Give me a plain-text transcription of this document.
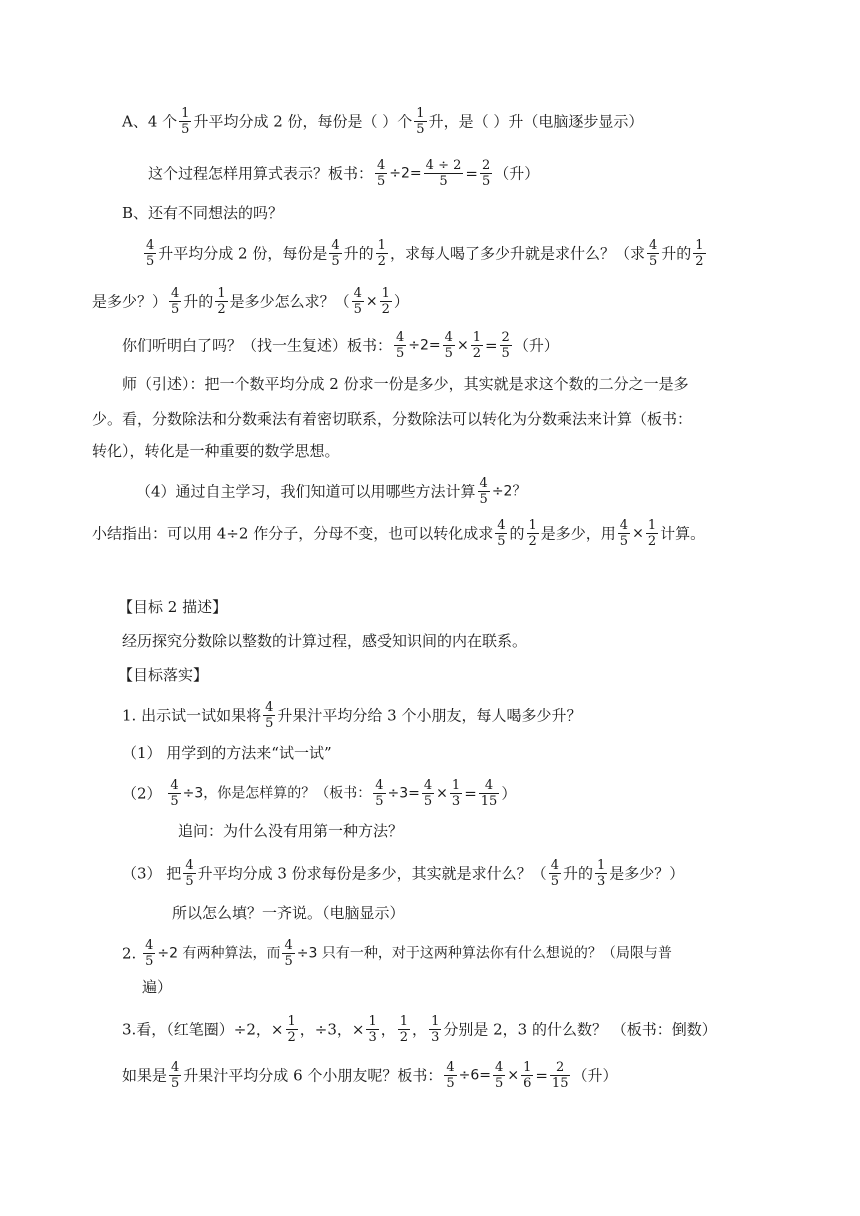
A、4 个 $\frac{1}{5}$ 升平均分成 2 份，每份是（ ）个 $\frac{1}{5}$ 升，是（ ）升（电脑逐步显示）
这个过程怎样用算式表示？板书： $\frac{4}{5} \div 2= \frac{4 \div 2}{5} = \frac{2}{5}$ （升）
B、还有不同想法的吗？
$\frac{4}{5}$ 升平均分成 2 份，每份是 $\frac{4}{5}$ 升的 $\frac{1}{2}$ ，求每人喝了多少升就是求什么？（求 $\frac{4}{5}$ 升的 $\frac{1}{2}$
是多少？） $\frac{4}{5}$ 升的 $\frac{1}{2}$ 是多少怎么求？（ $\frac{4}{5} \times \frac{1}{2}$ ）
你们听明白了吗？（找一生复述）板书： $\frac{4}{5} \div 2= \frac{4}{5} \times \frac{1}{2} = \frac{2}{5}$ （升）
师（引述）：把一个数平均分成 2 份求一份是多少，其实就是求这个数的二分之一是多
少。看，分数除法和分数乘法有着密切联系，分数除法可以转化为分数乘法来计算（板书：
转化），转化是一种重要的数学思想。
（4）通过自主学习，我们知道可以用哪些方法计算 $\frac{4}{5} \div 2$？
小结指出：可以用 4÷2 作分子，分母不变，也可以转化成求 $\frac{4}{5}$ 的 $\frac{1}{2}$ 是多少，用 $\frac{4}{5} \times \frac{1}{2}$ 计算。
【目标 2 描述】
经历探究分数除以整数的计算过程，感受知识间的内在联系。
【目标落实】
1. 出示试一试如果将 $\frac{4}{5}$ 升果汁平均分给 3 个小朋友，每人喝多少升？
（1） 用学到的方法来“试一试”
$(2) \frac{4}{5} \div 3$，你是怎样算的？（板书： $\frac{4}{5} \div 3= \frac{4}{5} \times \frac{1}{3} = \frac{4}{15}$ ）
追问：为什么没有用第一种方法？
（3） 把 $\frac{4}{5}$ 升平均分成 3 份求每份是多少，其实就是求什么？（ $\frac{4}{5}$ 升的 $\frac{1}{3}$ 是多少？）
所以怎么填？一齐说。（电脑显示）
2. $\frac{4}{5} \div 2$ 有两种算法，而 $\frac{4}{5} \div 3$ 只有一种，对于这两种算法你有什么想说的？（局限与普
遍）
3.看，（红笔圈）÷2，× $\frac{1}{2}$ ，÷3，× $\frac{1}{3}$ ， $\frac{1}{2}$ ， $\frac{1}{3}$ 分别是 2，3 的什么数？ （板书：倒数）
如果是 $\frac{4}{5}$ 升果汁平均分成 6 个小朋友呢？板书： $\frac{4}{5} \div 6= \frac{4}{5} \times \frac{1}{6} = \frac{2}{15}$ （升）
